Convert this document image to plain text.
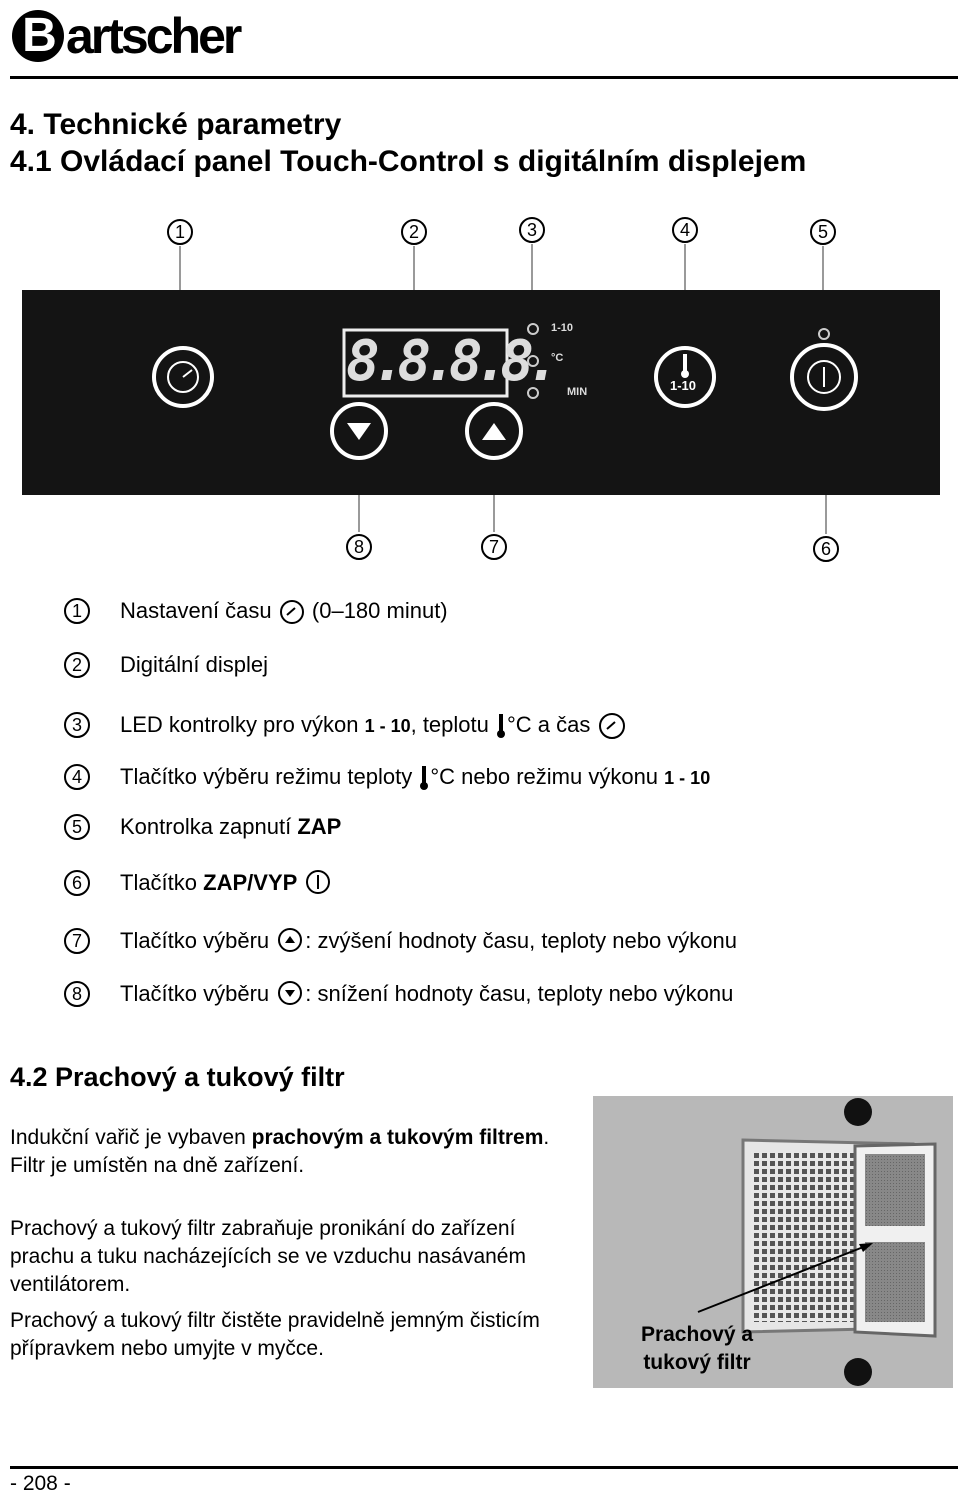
B artscher
4. Technické parametry
4.1 Ovládací panel Touch-Control s digitálním displejem
1	2	3	4	5
8.8.8.8.
1-10
°C
MIN	1-10
8	7	6
1	Nastavení času (0–180 minut)
2	Digitální displej
3	LED kontrolky pro výkon 1 - 10, teplotu °C a čas
4	Tlačítko výběru režimu teploty °C nebo režimu výkonu 1 - 10
5	Kontrolka zapnutí ZAP
6	Tlačítko ZAP/VYP
7	Tlačítko výběru : zvýšení hodnoty času, teploty nebo výkonu
8	Tlačítko výběru : snížení hodnoty času, teploty nebo výkonu
4.2 Prachový a tukový filtr
Indukční vařič je vybaven prachovým a tukovým filtrem. Filtr je umístěn na dně zařízení.
Prachový a tukový filtr zabraňuje pronikání do zařízení prachu a tuku nacházejících se ve vzduchu nasávaném ventilátorem.
Prachový a tukový filtr čistěte pravidelně jemným čisticím přípravkem nebo umyjte v myčce.
Prachový a
tukový filtr
- 208 -
